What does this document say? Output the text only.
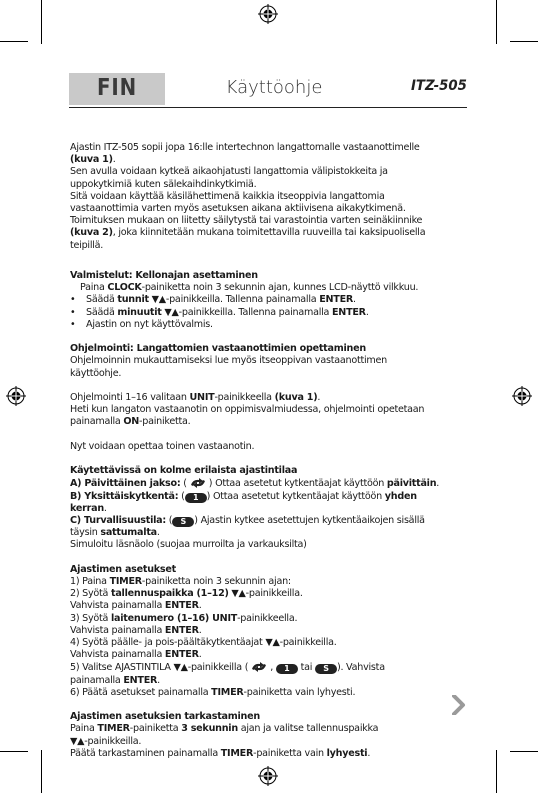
FIN	Käyttöohje	ITZ-505

Ajastin ITZ-505 sopii jopa 16:lle intertechnon langattomalle vastaanottimelle

(kuva 1).

Sen avulla voidaan kytkeä aikaohjatusti langattomia välipistokkeita ja

uppokytkimiä kuten sälekaihdinkytkimiä.

Sitä voidaan käyttää käsilähettimenä kaikkia itseoppivia langattomia

vastaanottimia varten myös asetuksen aikana aktiivisena aikakytkimenä.

Toimituksen mukaan on liitetty säilytystä tai varastointia varten seinäkiinnike

(kuva 2), joka kiinnitetään mukana toimitettavilla ruuveilla tai kaksipuolisella

teipillä.

Valmistelut: Kellonajan asettaminen

Paina CLOCK-painiketta noin 3 sekunnin ajan, kunnes LCD-näyttö vilkkuu.

• Säädä tunnit ▼▲-painikkeilla. Tallenna painamalla ENTER.

• Säädä minuutit ▼▲-painikkeilla. Tallenna painamalla ENTER.

• Ajastin on nyt käyttövalmis.

Ohjelmointi: Langattomien vastaanottimien opettaminen

Ohjelmoinnin mukauttamiseksi lue myös itseoppivan vastaanottimen

käyttöohje.

Ohjelmointi 1–16 valitaan UNIT-painikkeella (kuva 1).

Heti kun langaton vastaanotin on oppimisvalmiudessa, ohjelmointi opetetaan

painamalla ON-painiketta.

Nyt voidaan opettaa toinen vastaanotin.

Käytettävissä on kolme erilaista ajastintilaa

A) Päivittäinen jakso: ( ) Ottaa asetetut kytkentäajat käyttöön päivittäin.

B) Yksittäiskytkentä: ( 1 ) Ottaa asetetut kytkentäajat käyttöön yhden

kerran.

C) Turvallisuustila: ( S ) Ajastin kytkee asetettujen kytkentäaikojen sisällä

täysin sattumalta.

Simuloitu läsnäolo (suojaa murroilta ja varkauksilta)

Ajastimen asetukset

1) Paina TIMER-painiketta noin 3 sekunnin ajan:

2) Syötä tallennuspaikka (1–12) ▼▲-painikkeilla.

Vahvista painamalla ENTER.

3) Syötä laitenumero (1–16) UNIT-painikkeella.

Vahvista painamalla ENTER.

4) Syötä päälle- ja pois-päältäkytkentäajat ▼▲-painikkeilla.

Vahvista painamalla ENTER.

5) Valitse AJASTINTILA ▼▲-painikkeilla ( , 1 tai S ). Vahvista

painamalla ENTER.

6) Päätä asetukset painamalla TIMER-painiketta vain lyhyesti.

Ajastimen asetuksien tarkastaminen

Paina TIMER-painiketta 3 sekunnin ajan ja valitse tallennuspaikka

▼▲-painikkeilla.

Päätä tarkastaminen painamalla TIMER-painiketta vain lyhyesti.
